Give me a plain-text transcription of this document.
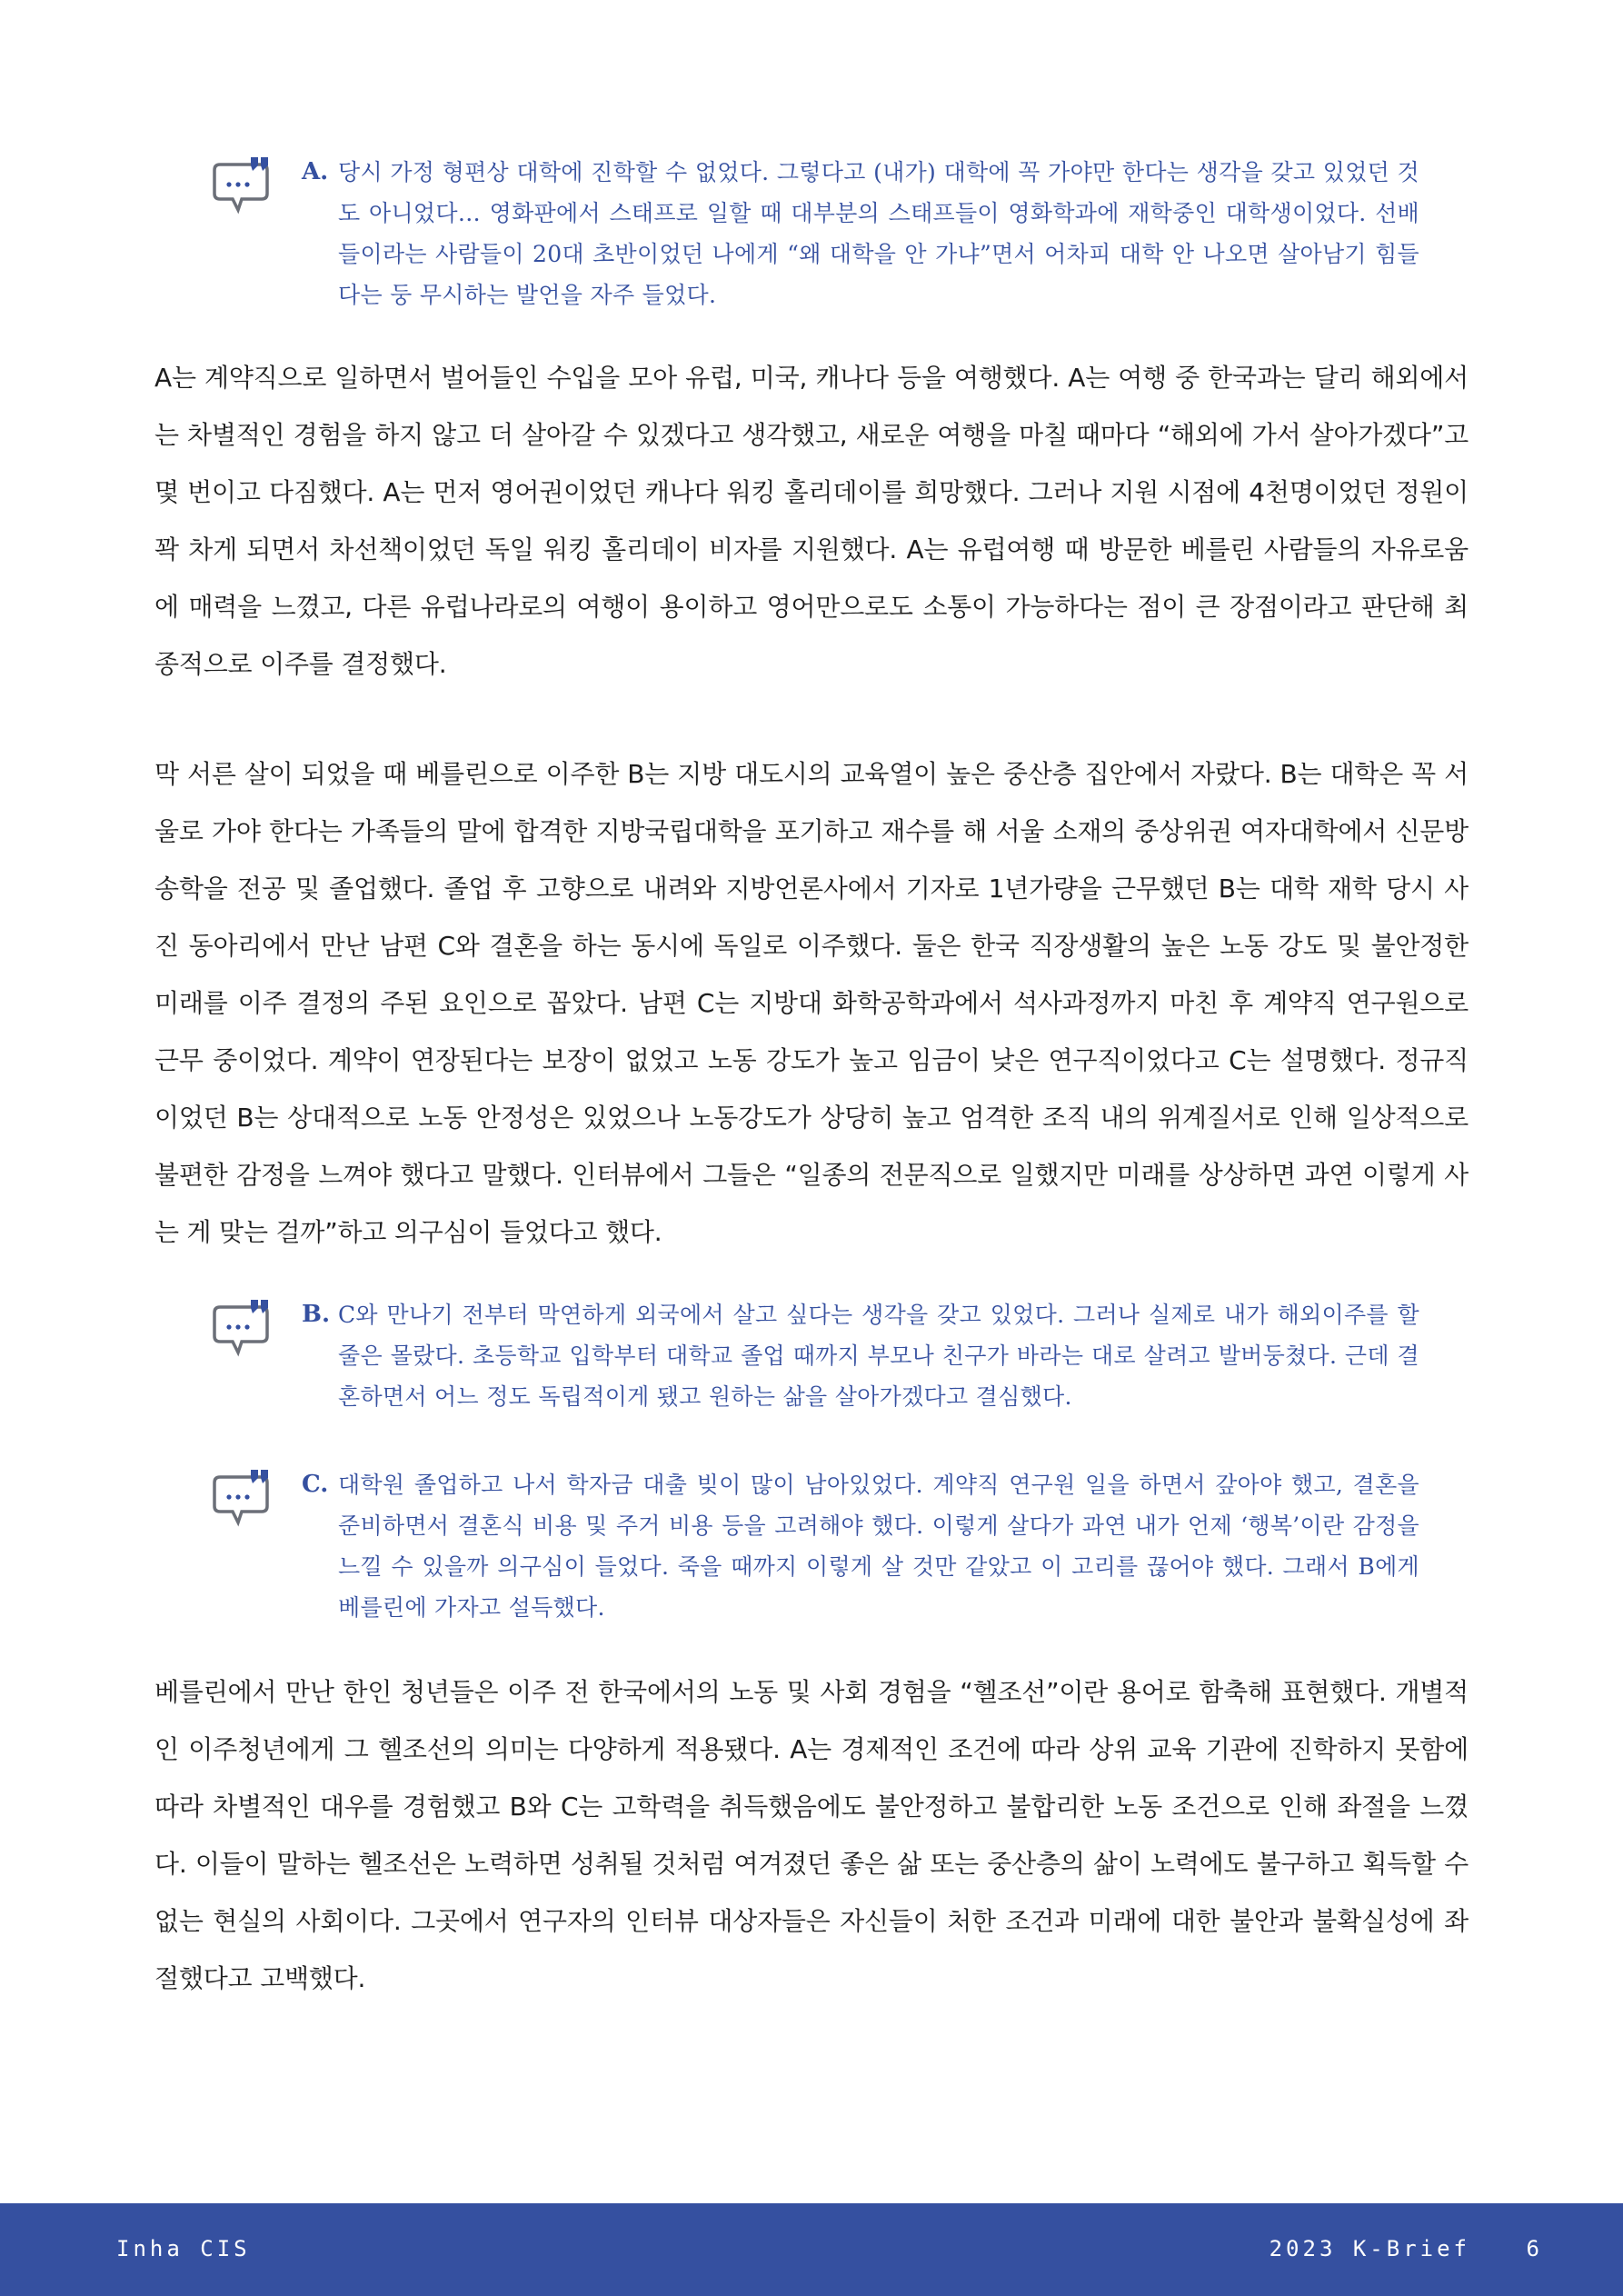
A. 당시 가정 형편상 대학에 진학할 수 없었다. 그렇다고 (내가) 대학에 꼭 가야만 한다는 생각을 갖고 있었던 것도 아니었다… 영화판에서 스태프로 일할 때 대부분의 스태프들이 영화학과에 재학중인 대학생이었다. 선배들이라는 사람들이 20대 초반이었던 나에게 “왜 대학을 안 가냐”면서 어차피 대학 안 나오면 살아남기 힘들다는 둥 무시하는 발언을 자주 들었다.
A는 계약직으로 일하면서 벌어들인 수입을 모아 유럽, 미국, 캐나다 등을 여행했다. A는 여행 중 한국과는 달리 해외에서는 차별적인 경험을 하지 않고 더 살아갈 수 있겠다고 생각했고, 새로운 여행을 마칠 때마다 “해외에 가서 살아가겠다”고 몇 번이고 다짐했다. A는 먼저 영어권이었던 캐나다 워킹 홀리데이를 희망했다. 그러나 지원 시점에 4천명이었던 정원이 꽉 차게 되면서 차선책이었던 독일 워킹 홀리데이 비자를 지원했다. A는 유럽여행 때 방문한 베를린 사람들의 자유로움에 매력을 느꼈고, 다른 유럽나라로의 여행이 용이하고 영어만으로도 소통이 가능하다는 점이 큰 장점이라고 판단해 최종적으로 이주를 결정했다.
막 서른 살이 되었을 때 베를린으로 이주한 B는 지방 대도시의 교육열이 높은 중산층 집안에서 자랐다. B는 대학은 꼭 서울로 가야 한다는 가족들의 말에 합격한 지방국립대학을 포기하고 재수를 해 서울 소재의 중상위권 여자대학에서 신문방송학을 전공 및 졸업했다. 졸업 후 고향으로 내려와 지방언론사에서 기자로 1년가량을 근무했던 B는 대학 재학 당시 사진 동아리에서 만난 남편 C와 결혼을 하는 동시에 독일로 이주했다. 둘은 한국 직장생활의 높은 노동 강도 및 불안정한 미래를 이주 결정의 주된 요인으로 꼽았다. 남편 C는 지방대 화학공학과에서 석사과정까지 마친 후 계약직 연구원으로 근무 중이었다. 계약이 연장된다는 보장이 없었고 노동 강도가 높고 임금이 낮은 연구직이었다고 C는 설명했다. 정규직이었던 B는 상대적으로 노동 안정성은 있었으나 노동강도가 상당히 높고 엄격한 조직 내의 위계질서로 인해 일상적으로 불편한 감정을 느껴야 했다고 말했다. 인터뷰에서 그들은 “일종의 전문직으로 일했지만 미래를 상상하면 과연 이렇게 사는 게 맞는 걸까”하고 의구심이 들었다고 했다.
B. C와 만나기 전부터 막연하게 외국에서 살고 싶다는 생각을 갖고 있었다. 그러나 실제로 내가 해외이주를 할 줄은 몰랐다. 초등학교 입학부터 대학교 졸업 때까지 부모나 친구가 바라는 대로 살려고 발버둥쳤다. 근데 결혼하면서 어느 정도 독립적이게 됐고 원하는 삶을 살아가겠다고 결심했다.
C. 대학원 졸업하고 나서 학자금 대출 빚이 많이 남아있었다. 계약직 연구원 일을 하면서 갚아야 했고, 결혼을 준비하면서 결혼식 비용 및 주거 비용 등을 고려해야 했다. 이렇게 살다가 과연 내가 언제 ‘행복’이란 감정을 느낄 수 있을까 의구심이 들었다. 죽을 때까지 이렇게 살 것만 같았고 이 고리를 끊어야 했다. 그래서 B에게 베를린에 가자고 설득했다.
베를린에서 만난 한인 청년들은 이주 전 한국에서의 노동 및 사회 경험을 “헬조선”이란 용어로 함축해 표현했다. 개별적인 이주청년에게 그 헬조선의 의미는 다양하게 적용됐다. A는 경제적인 조건에 따라 상위 교육 기관에 진학하지 못함에 따라 차별적인 대우를 경험했고 B와 C는 고학력을 취득했음에도 불안정하고 불합리한 노동 조건으로 인해 좌절을 느꼈다. 이들이 말하는 헬조선은 노력하면 성취될 것처럼 여겨졌던 좋은 삶 또는 중산층의 삶이 노력에도 불구하고 획득할 수 없는 현실의 사회이다. 그곳에서 연구자의 인터뷰 대상자들은 자신들이 처한 조건과 미래에 대한 불안과 불확실성에 좌절했다고 고백했다.
Inha CIS	2023 K-Brief	6
